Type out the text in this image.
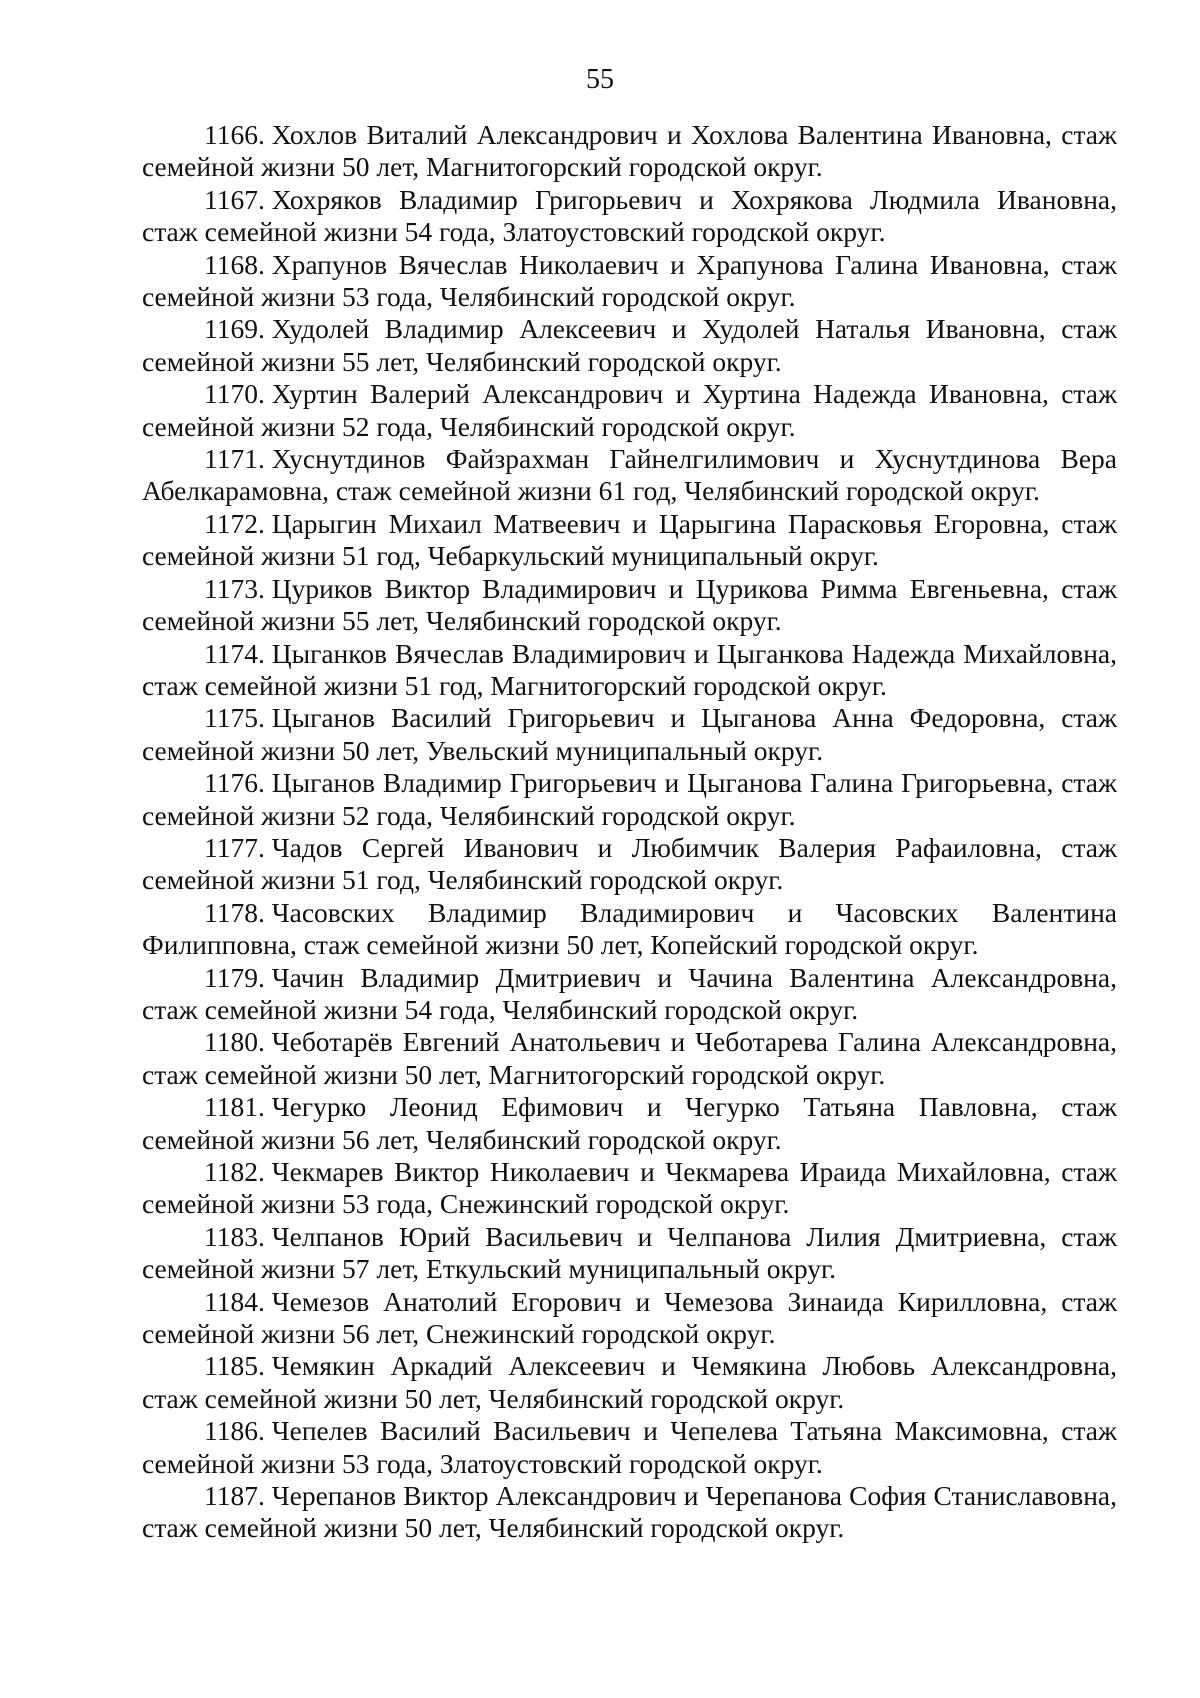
55

1166. Хохлов Виталий Александрович и Хохлова Валентина Ивановна, стаж семейной жизни 50 лет, Магнитогорский городской округ.

1167. Хохряков Владимир Григорьевич и Хохрякова Людмила Ивановна, стаж семейной жизни 54 года, Златоустовский городской округ.

1168. Храпунов Вячеслав Николаевич и Храпунова Галина Ивановна, стаж семейной жизни 53 года, Челябинский городской округ.

1169. Худолей Владимир Алексеевич и Худолей Наталья Ивановна, стаж семейной жизни 55 лет, Челябинский городской округ.

1170. Хуртин Валерий Александрович и Хуртина Надежда Ивановна, стаж семейной жизни 52 года, Челябинский городской округ.

1171. Хуснутдинов Файзрахман Гайнелгилимович и Хуснутдинова Вера Абелкарамовна, стаж семейной жизни 61 год, Челябинский городской округ.

1172. Царыгин Михаил Матвеевич и Царыгина Парасковья Егоровна, стаж семейной жизни 51 год, Чебаркульский муниципальный округ.

1173. Цуриков Виктор Владимирович и Цурикова Римма Евгеньевна, стаж семейной жизни 55 лет, Челябинский городской округ.

1174. Цыганков Вячеслав Владимирович и Цыганкова Надежда Михайловна, стаж семейной жизни 51 год, Магнитогорский городской округ.

1175. Цыганов Василий Григорьевич и Цыганова Анна Федоровна, стаж семейной жизни 50 лет, Увельский муниципальный округ.

1176. Цыганов Владимир Григорьевич и Цыганова Галина Григорьевна, стаж семейной жизни 52 года, Челябинский городской округ.

1177. Чадов Сергей Иванович и Любимчик Валерия Рафаиловна, стаж семейной жизни 51 год, Челябинский городской округ.

1178. Часовских Владимир Владимирович и Часовских Валентина Филипповна, стаж семейной жизни 50 лет, Копейский городской округ.

1179. Чачин Владимир Дмитриевич и Чачина Валентина Александровна, стаж семейной жизни 54 года, Челябинский городской округ.

1180. Чеботарёв Евгений Анатольевич и Чеботарева Галина Александровна, стаж семейной жизни 50 лет, Магнитогорский городской округ.

1181. Чегурко Леонид Ефимович и Чегурко Татьяна Павловна, стаж семейной жизни 56 лет, Челябинский городской округ.

1182. Чекмарев Виктор Николаевич и Чекмарева Ираида Михайловна, стаж семейной жизни 53 года, Снежинский городской округ.

1183. Челпанов Юрий Васильевич и Челпанова Лилия Дмитриевна, стаж семейной жизни 57 лет, Еткульский муниципальный округ.

1184. Чемезов Анатолий Егорович и Чемезова Зинаида Кирилловна, стаж семейной жизни 56 лет, Снежинский городской округ.

1185. Чемякин Аркадий Алексеевич и Чемякина Любовь Александровна, стаж семейной жизни 50 лет, Челябинский городской округ.

1186. Чепелев Василий Васильевич и Чепелева Татьяна Максимовна, стаж семейной жизни 53 года, Златоустовский городской округ.

1187. Черепанов Виктор Александрович и Черепанова София Станиславовна, стаж семейной жизни 50 лет, Челябинский городской округ.
